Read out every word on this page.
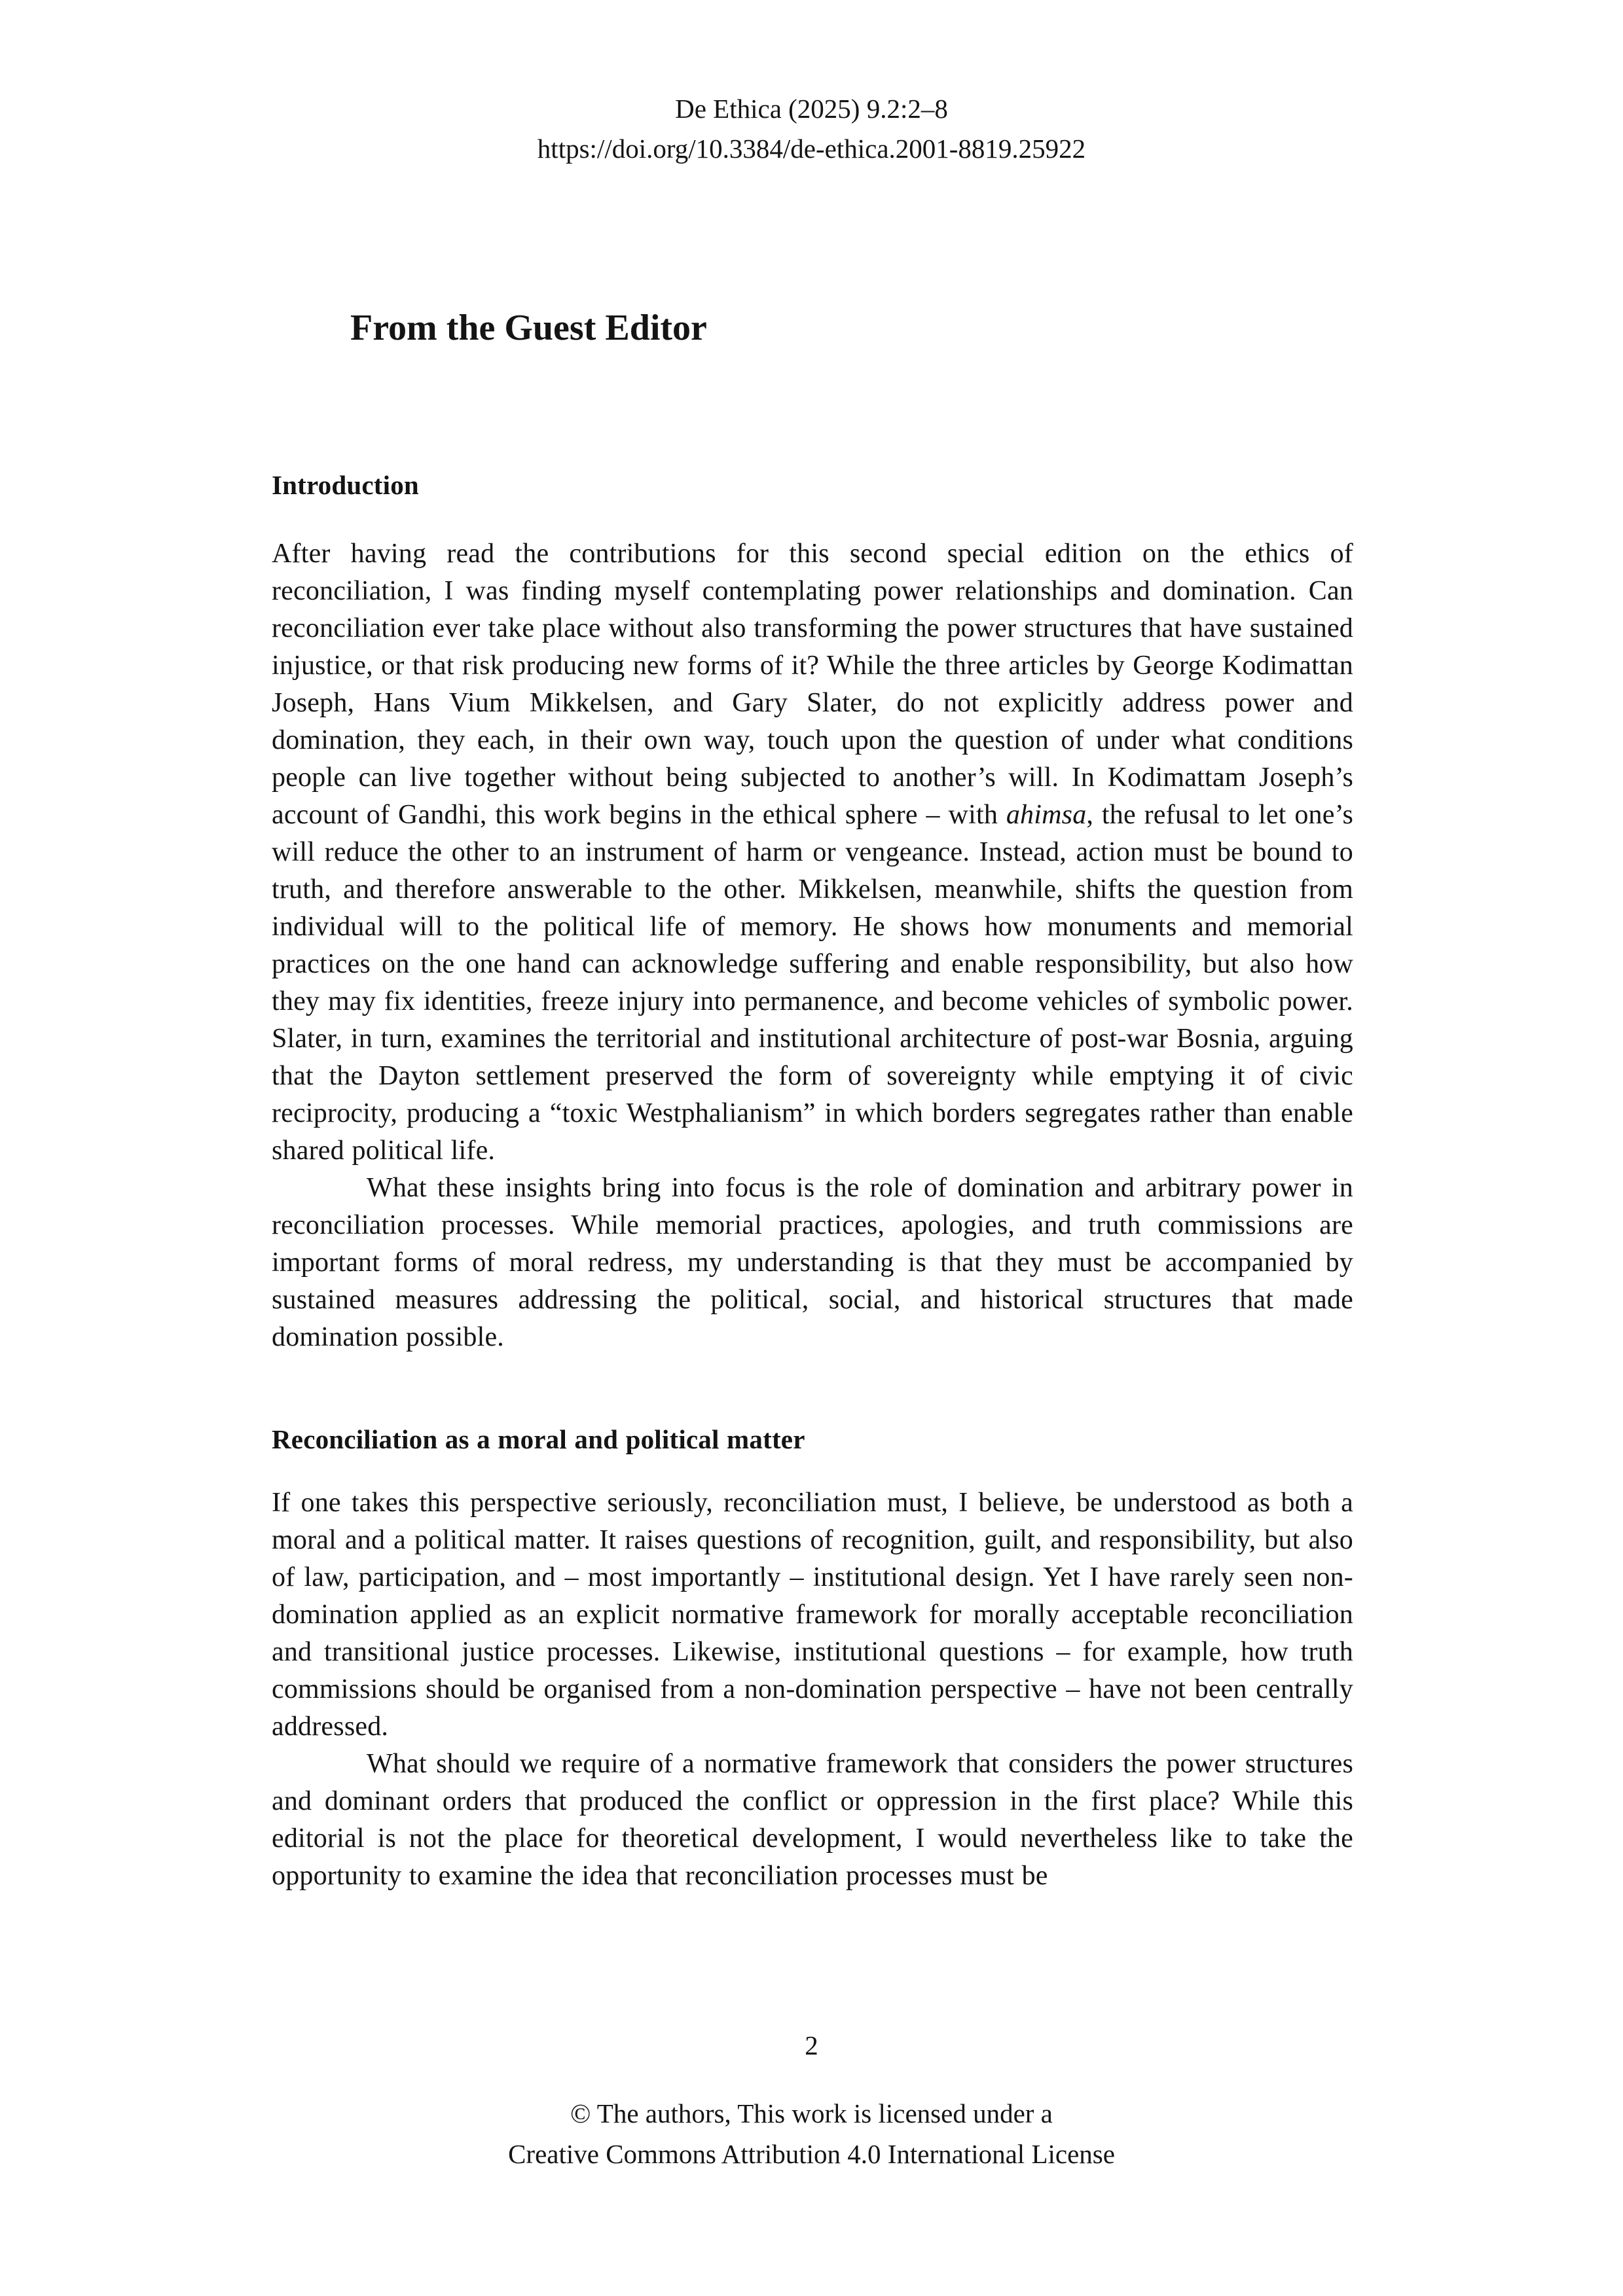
De Ethica (2025) 9.2:2–8
https://doi.org/10.3384/de-ethica.2001-8819.25922
From the Guest Editor
Introduction

After having read the contributions for this second special edition on the ethics of reconciliation, I was finding myself contemplating power relationships and domination. Can reconciliation ever take place without also transforming the power structures that have sustained injustice, or that risk producing new forms of it? While the three articles by George Kodimattan Joseph, Hans Vium Mikkelsen, and Gary Slater, do not explicitly address power and domination, they each, in their own way, touch upon the question of under what conditions people can live together without being subjected to another’s will. In Kodimattam Joseph’s account of Gandhi, this work begins in the ethical sphere – with ahimsa, the refusal to let one’s will reduce the other to an instrument of harm or vengeance. Instead, action must be bound to truth, and therefore answerable to the other. Mikkelsen, meanwhile, shifts the question from individual will to the political life of memory. He shows how monuments and memorial practices on the one hand can acknowledge suffering and enable responsibility, but also how they may fix identities, freeze injury into permanence, and become vehicles of symbolic power. Slater, in turn, examines the territorial and institutional architecture of post-war Bosnia, arguing that the Dayton settlement preserved the form of sovereignty while emptying it of civic reciprocity, producing a “toxic Westphalianism” in which borders segregates rather than enable shared political life.

What these insights bring into focus is the role of domination and arbitrary power in reconciliation processes. While memorial practices, apologies, and truth commissions are important forms of moral redress, my understanding is that they must be accompanied by sustained measures addressing the political, social, and historical structures that made domination possible.

Reconciliation as a moral and political matter

If one takes this perspective seriously, reconciliation must, I believe, be understood as both a moral and a political matter. It raises questions of recognition, guilt, and responsibility, but also of law, participation, and – most importantly – institutional design. Yet I have rarely seen non-domination applied as an explicit normative framework for morally acceptable reconciliation and transitional justice processes. Likewise, institutional questions – for example, how truth commissions should be organised from a non-domination perspective – have not been centrally addressed.

What should we require of a normative framework that considers the power structures and dominant orders that produced the conflict or oppression in the first place? While this editorial is not the place for theoretical development, I would nevertheless like to take the opportunity to examine the idea that reconciliation processes must be

2
© The authors, This work is licensed under a
Creative Commons Attribution 4.0 International License
